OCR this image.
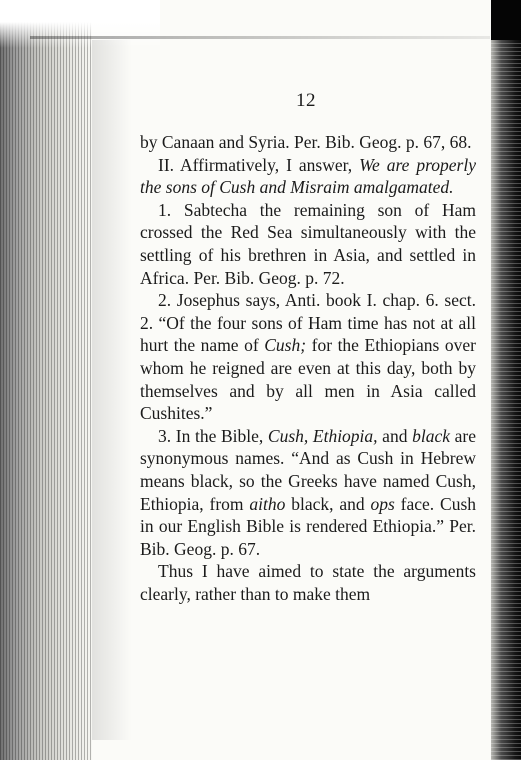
12

by Canaan and Syria. Per. Bib. Geog. p. 67, 68.

II. Affirmatively, I answer, We are properly the sons of Cush and Misraim amalgamated.

1. Sabtecha the remaining son of Ham crossed the Red Sea simultaneously with the settling of his brethren in Asia, and settled in Africa. Per. Bib. Geog. p. 72.

2. Josephus says, Anti. book I. chap. 6. sect. 2. “Of the four sons of Ham time has not at all hurt the name of Cush; for the Ethiopians over whom he reigned are even at this day, both by themselves and by all men in Asia called Cushites.”

3. In the Bible, Cush, Ethiopia, and black are synonymous names. “And as Cush in Hebrew means black, so the Greeks have named Cush, Ethiopia, from aitho black, and ops face. Cush in our English Bible is rendered Ethiopia.” Per. Bib. Geog. p. 67.

Thus I have aimed to state the arguments clearly, rather than to make them
